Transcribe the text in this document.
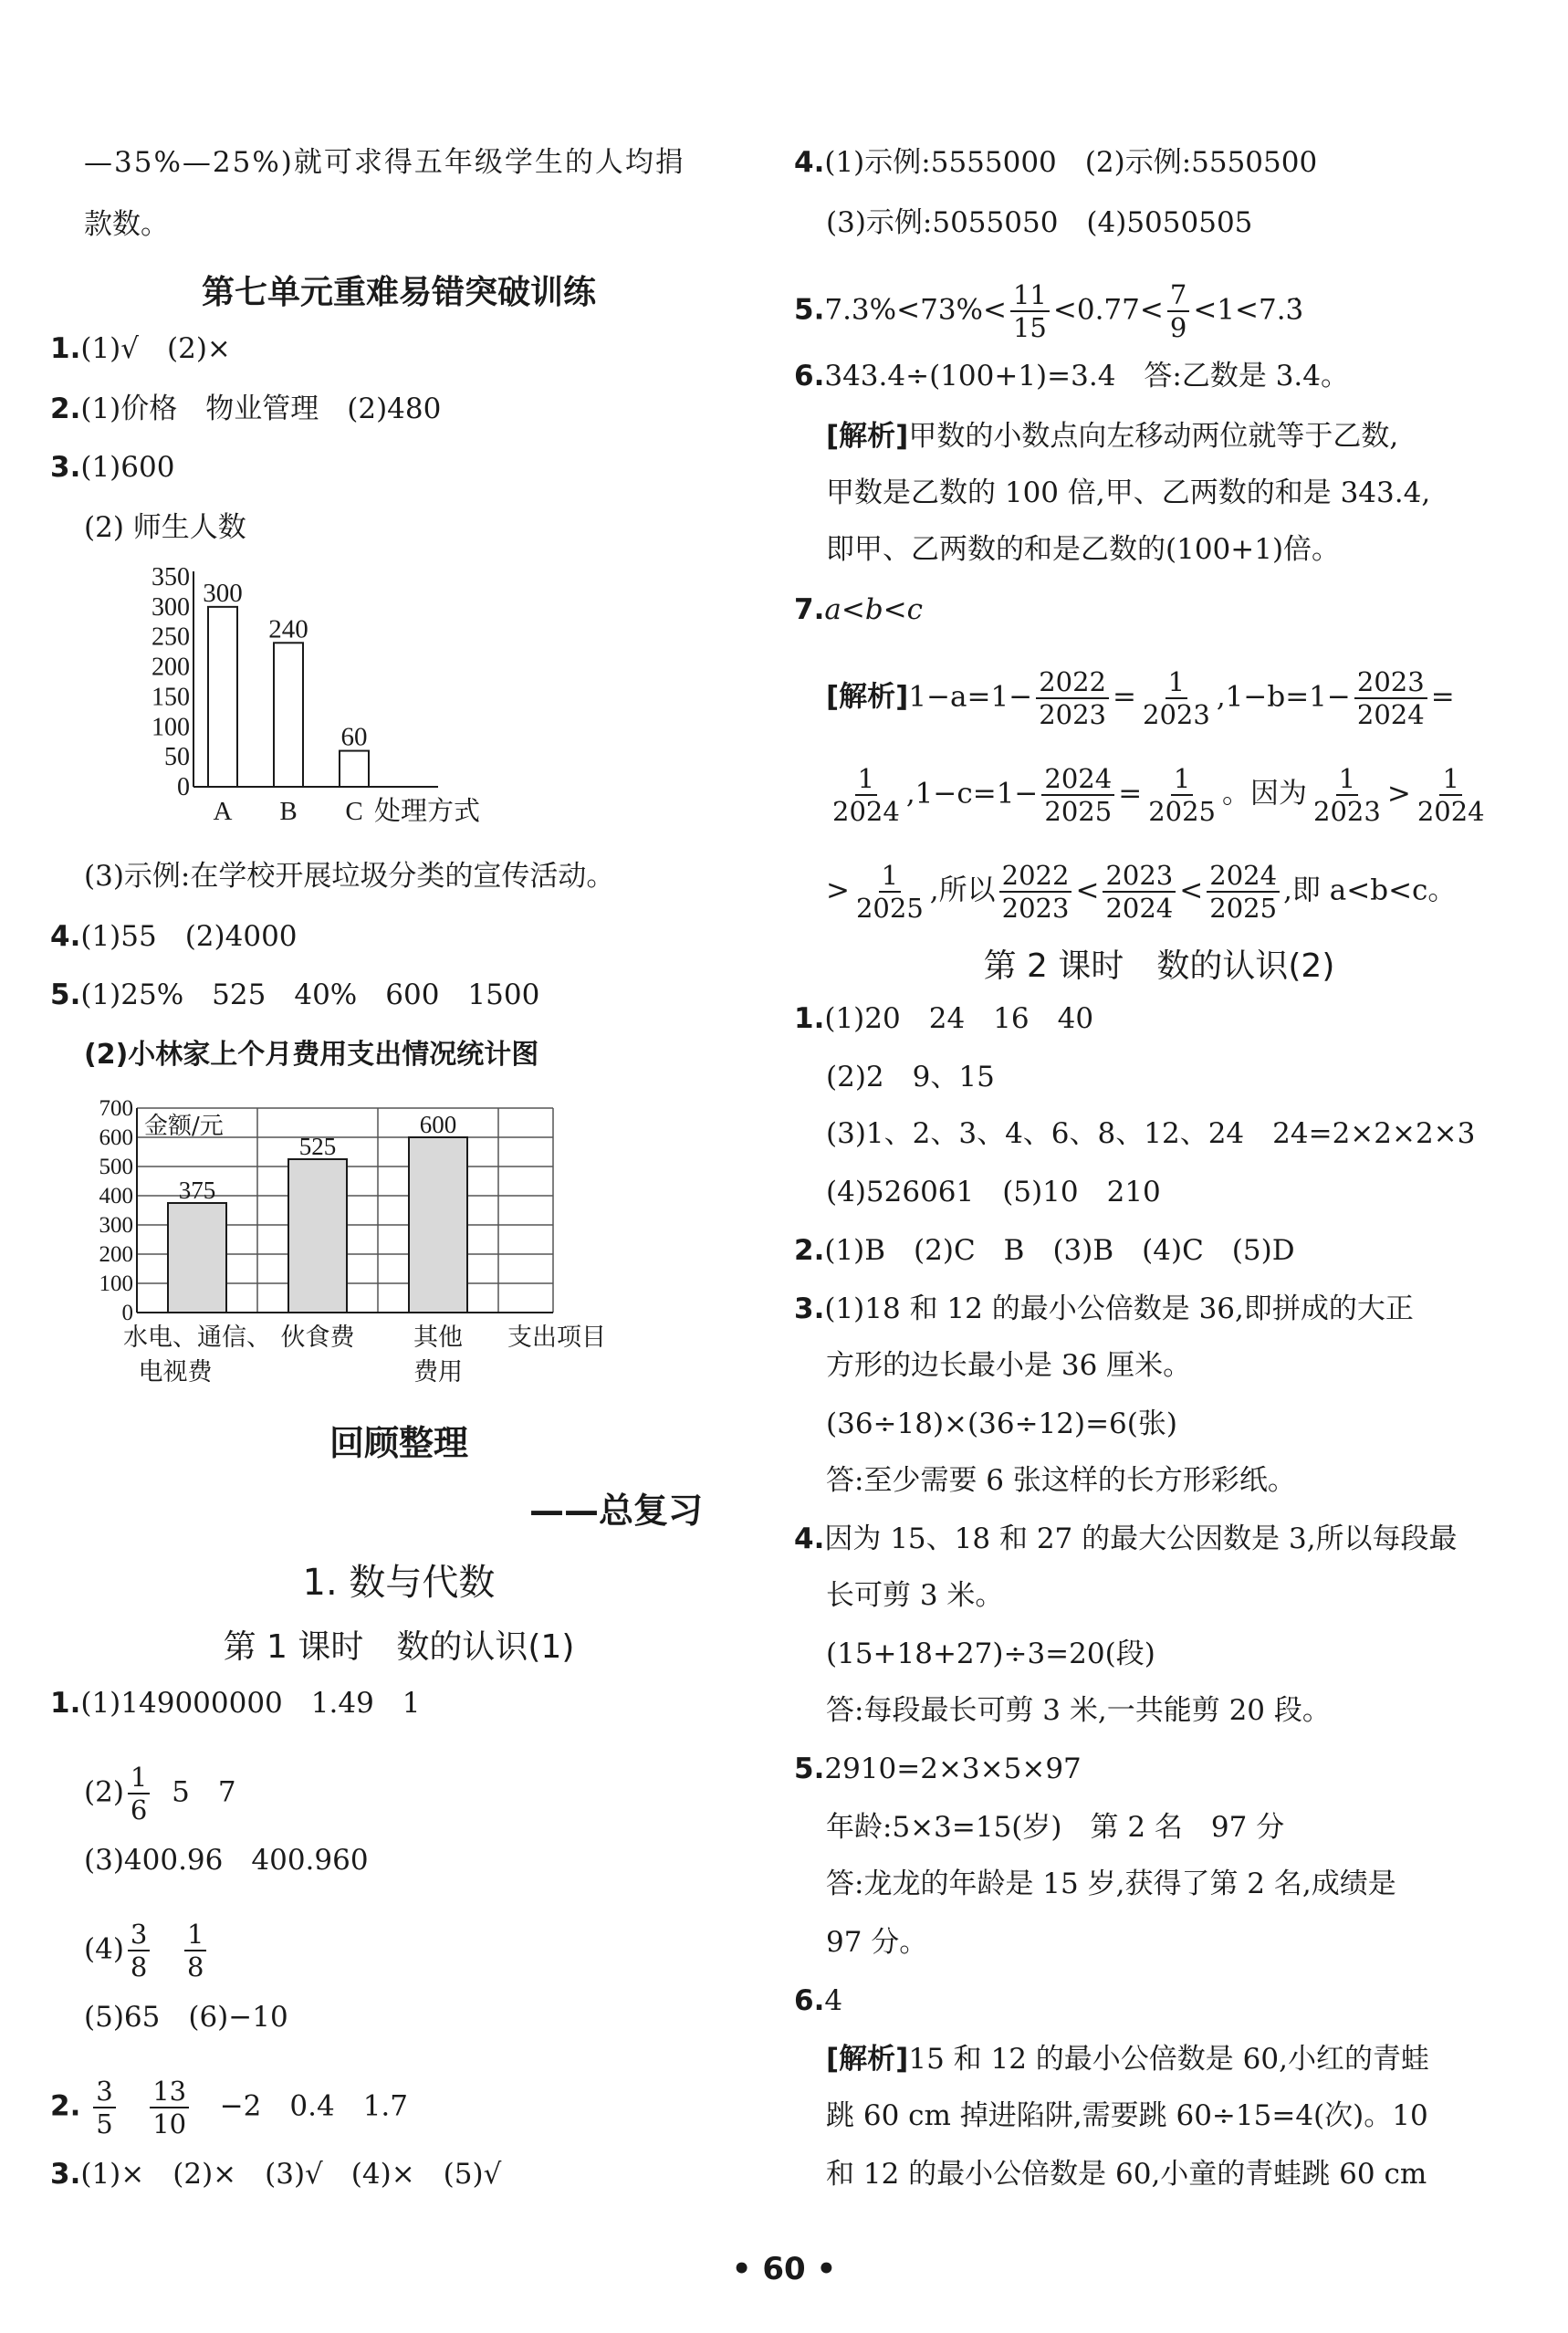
—35%—25%)就可求得五年级学生的人均捐
款数。
第七单元重难易错突破训练
1.(1)√　(2)×
2.(1)价格　物业管理　(2)480
3.(1)600
(2) 师生人数
0
50
100
150
200
250
300
350
300
A
240
B
60
C 处理方式
(3)示例:在学校开展垃圾分类的宣传活动。
4.(1)55　(2)4000
5.(1)25%　525　40%　600　1500
(2)小林家上个月费用支出情况统计图
0
100
200
300
400
500
600
700
金额/元
375
水电、通信、
电视费
525
伙食费
600
其他
费用
支出项目
回顾整理
——总复习
1. 数与代数
第 1 课时　数的认识(1)
1.(1)149000000　1.49　1
$(2) \frac{1}{6} 5$　7
(3)400.96　400.960
$(4) \frac{3}{8}$
$\frac{1}{8}$
(5)65　(6)−10
2. $\frac{3}{5}$
$\frac{13}{10} -2$　0.4　1.7
3.(1)×　(2)×　(3)√　(4)×　(5)√
4.(1)示例:5555000　(2)示例:5550500
(3)示例:5055050　(4)5050505
$5.7.3\%<73\%< \frac{11}{15} <0.77< \frac{7}{9}$ <1<7.3̇
6.343.4÷(100+1)=3.4　答:乙数是 3.4。
[解析]甲数的小数点向左移动两位就等于乙数,
甲数是乙数的 100 倍,甲、乙两数的和是 343.4,
即甲、乙两数的和是乙数的(100+1)倍。
7.a<b<c
[解析]$1-a=1- \frac{2022}{2023} = \frac{1}{2023} ,1-b=1- \frac{2023}{2024}$ =
$\frac{1}{2024} ,1-c=1- \frac{2024}{2025} = \frac{1}{2025}$ 。因为 $\frac{1}{2023} > \frac{1}{2024}$
> $\frac{1}{2025}$ ,所以 $\frac{2022}{2023} < \frac{2023}{2024} < \frac{2024}{2025}$ ,即 a<b<c。
第 2 课时　数的认识(2)
1.(1)20　24　16　40
(2)2　9、15
(3)1、2、3、4、6、8、12、24　24=2×2×2×3
(4)526061　(5)10　210
2.(1)B　(2)C　B　(3)B　(4)C　(5)D
3.(1)18 和 12 的最小公倍数是 36,即拼成的大正
方形的边长最小是 36 厘米。
(36÷18)×(36÷12)=6(张)
答:至少需要 6 张这样的长方形彩纸。
4.因为 15、18 和 27 的最大公因数是 3,所以每段最
长可剪 3 米。
(15+18+27)÷3=20(段)
答:每段最长可剪 3 米,一共能剪 20 段。
5.2910=2×3×5×97
年龄:5×3=15(岁)　第 2 名　97 分
答:龙龙的年龄是 15 岁,获得了第 2 名,成绩是
97 分。
6.4
[解析]15 和 12 的最小公倍数是 60,小红的青蛙
跳 60 cm 掉进陷阱,需要跳 60÷15=4(次)。10
和 12 的最小公倍数是 60,小童的青蛙跳 60 cm
• 60 •
